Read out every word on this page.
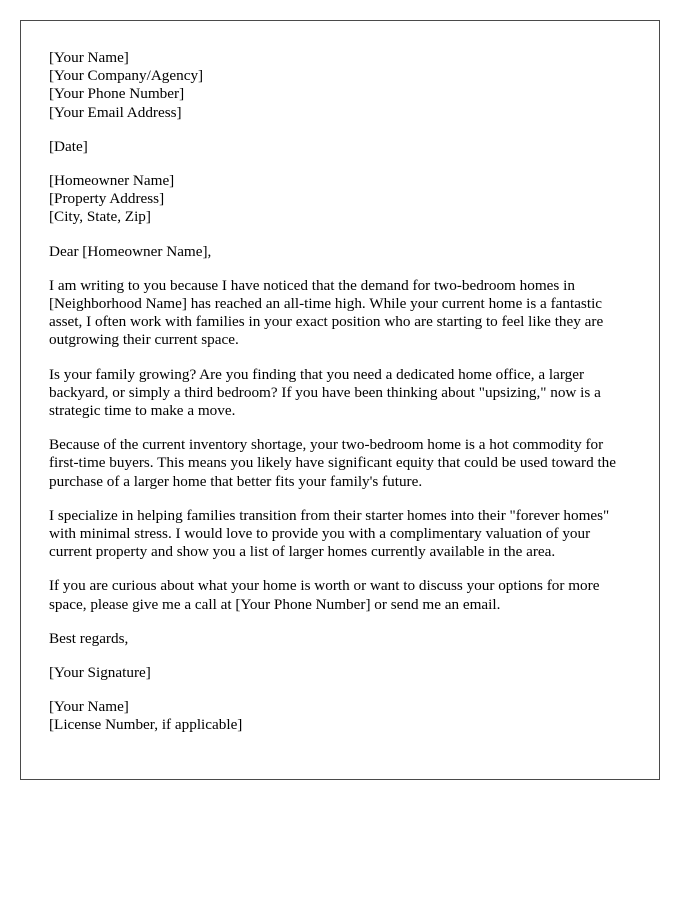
[Your Name]
[Your Company/Agency]
[Your Phone Number]
[Your Email Address]
[Date]
[Homeowner Name]
[Property Address]
[City, State, Zip]
Dear [Homeowner Name],

I am writing to you because I have noticed that the demand for two-bedroom homes in [Neighborhood Name] has reached an all-time high. While your current home is a fantastic asset, I often work with families in your exact position who are starting to feel like they are outgrowing their current space.

Is your family growing? Are you finding that you need a dedicated home office, a larger backyard, or simply a third bedroom? If you have been thinking about "upsizing," now is a strategic time to make a move.

Because of the current inventory shortage, your two-bedroom home is a hot commodity for first-time buyers. This means you likely have significant equity that could be used toward the purchase of a larger home that better fits your family's future.

I specialize in helping families transition from their starter homes into their "forever homes" with minimal stress. I would love to provide you with a complimentary valuation of your current property and show you a list of larger homes currently available in the area.

If you are curious about what your home is worth or want to discuss your options for more space, please give me a call at [Your Phone Number] or send me an email.

Best regards,
[Your Signature]
[Your Name]
[License Number, if applicable]
